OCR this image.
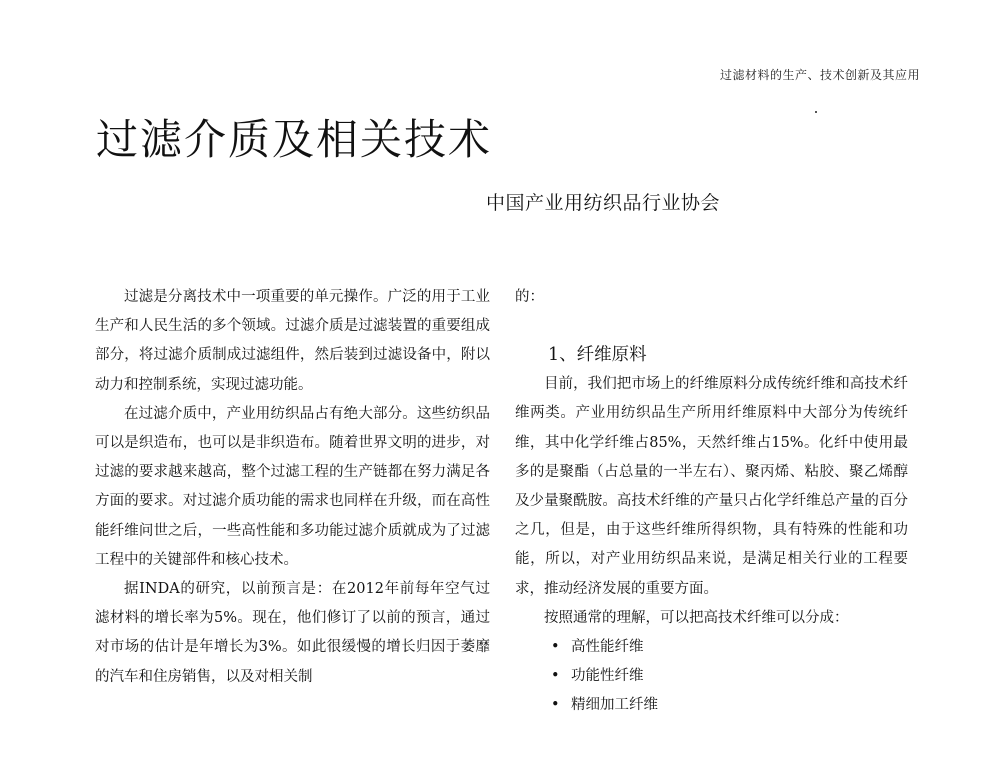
过滤材料的生产、技术创新及其应用
过滤介质及相关技术
中国产业用纺织品行业协会

过滤是分离技术中一项重要的单元操作。广泛的用于工业生产和人民生活的多个领域。过滤介质是过滤装置的重要组成部分，将过滤介质制成过滤组件，然后装到过滤设备中，附以动力和控制系统，实现过滤功能。

在过滤介质中，产业用纺织品占有绝大部分。这些纺织品可以是织造布，也可以是非织造布。随着世界文明的进步，对过滤的要求越来越高，整个过滤工程的生产链都在努力满足各方面的要求。对过滤介质功能的需求也同样在升级，而在高性能纤维问世之后，一些高性能和多功能过滤介质就成为了过滤工程中的关键部件和核心技术。

据INDA的研究，以前预言是：在2012年前每年空气过滤材料的增长率为5%。现在，他们修订了以前的预言，通过对市场的估计是年增长为3%。如此很缓慢的增长归因于萎靡的汽车和住房销售，以及对相关制

的：

1、纤维原料

目前，我们把市场上的纤维原料分成传统纤维和高技术纤维两类。产业用纺织品生产所用纤维原料中大部分为传统纤维，其中化学纤维占85%，天然纤维占15%。化纤中使用最多的是聚酯（占总量的一半左右）、聚丙烯、粘胶、聚乙烯醇及少量聚酰胺。高技术纤维的产量只占化学纤维总产量的百分之几，但是，由于这些纤维所得织物，具有特殊的性能和功能，所以，对产业用纺织品来说，是满足相关行业的工程要求，推动经济发展的重要方面。

按照通常的理解，可以把高技术纤维可以分成：

• 高性能纤维
• 功能性纤维
• 精细加工纤维
